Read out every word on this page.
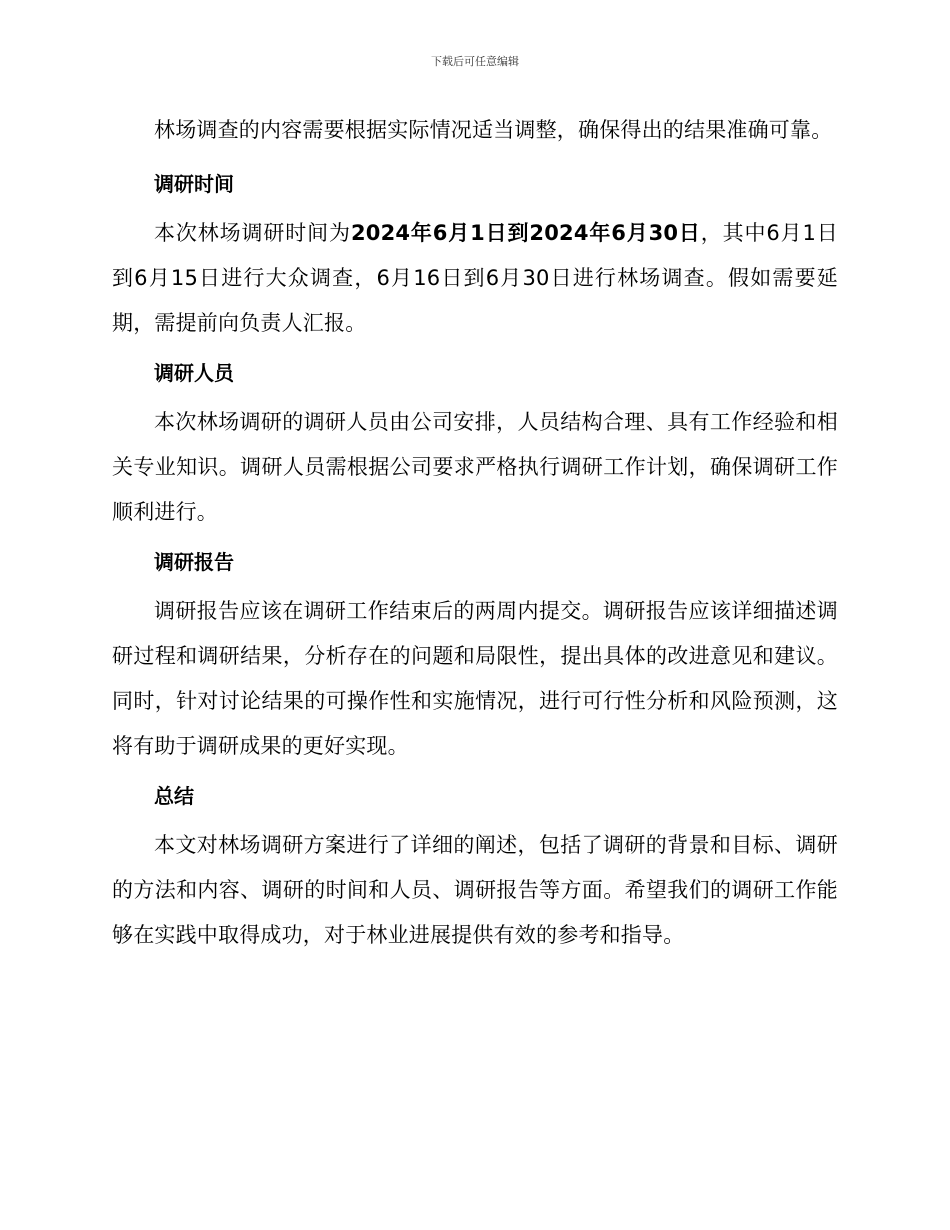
下载后可任意编辑

林场调查的内容需要根据实际情况适当调整，确保得出的结果准确可靠。

调研时间

本次林场调研时间为2024年6月1日到2024年6月30日，其中6月1日到6月15日进行大众调查，6月16日到6月30日进行林场调查。假如需要延期，需提前向负责人汇报。

调研人员

本次林场调研的调研人员由公司安排，人员结构合理、具有工作经验和相关专业知识。调研人员需根据公司要求严格执行调研工作计划，确保调研工作顺利进行。

调研报告

调研报告应该在调研工作结束后的两周内提交。调研报告应该详细描述调研过程和调研结果，分析存在的问题和局限性，提出具体的改进意见和建议。同时，针对讨论结果的可操作性和实施情况，进行可行性分析和风险预测，这将有助于调研成果的更好实现。

总结

本文对林场调研方案进行了详细的阐述，包括了调研的背景和目标、调研的方法和内容、调研的时间和人员、调研报告等方面。希望我们的调研工作能够在实践中取得成功，对于林业进展提供有效的参考和指导。
